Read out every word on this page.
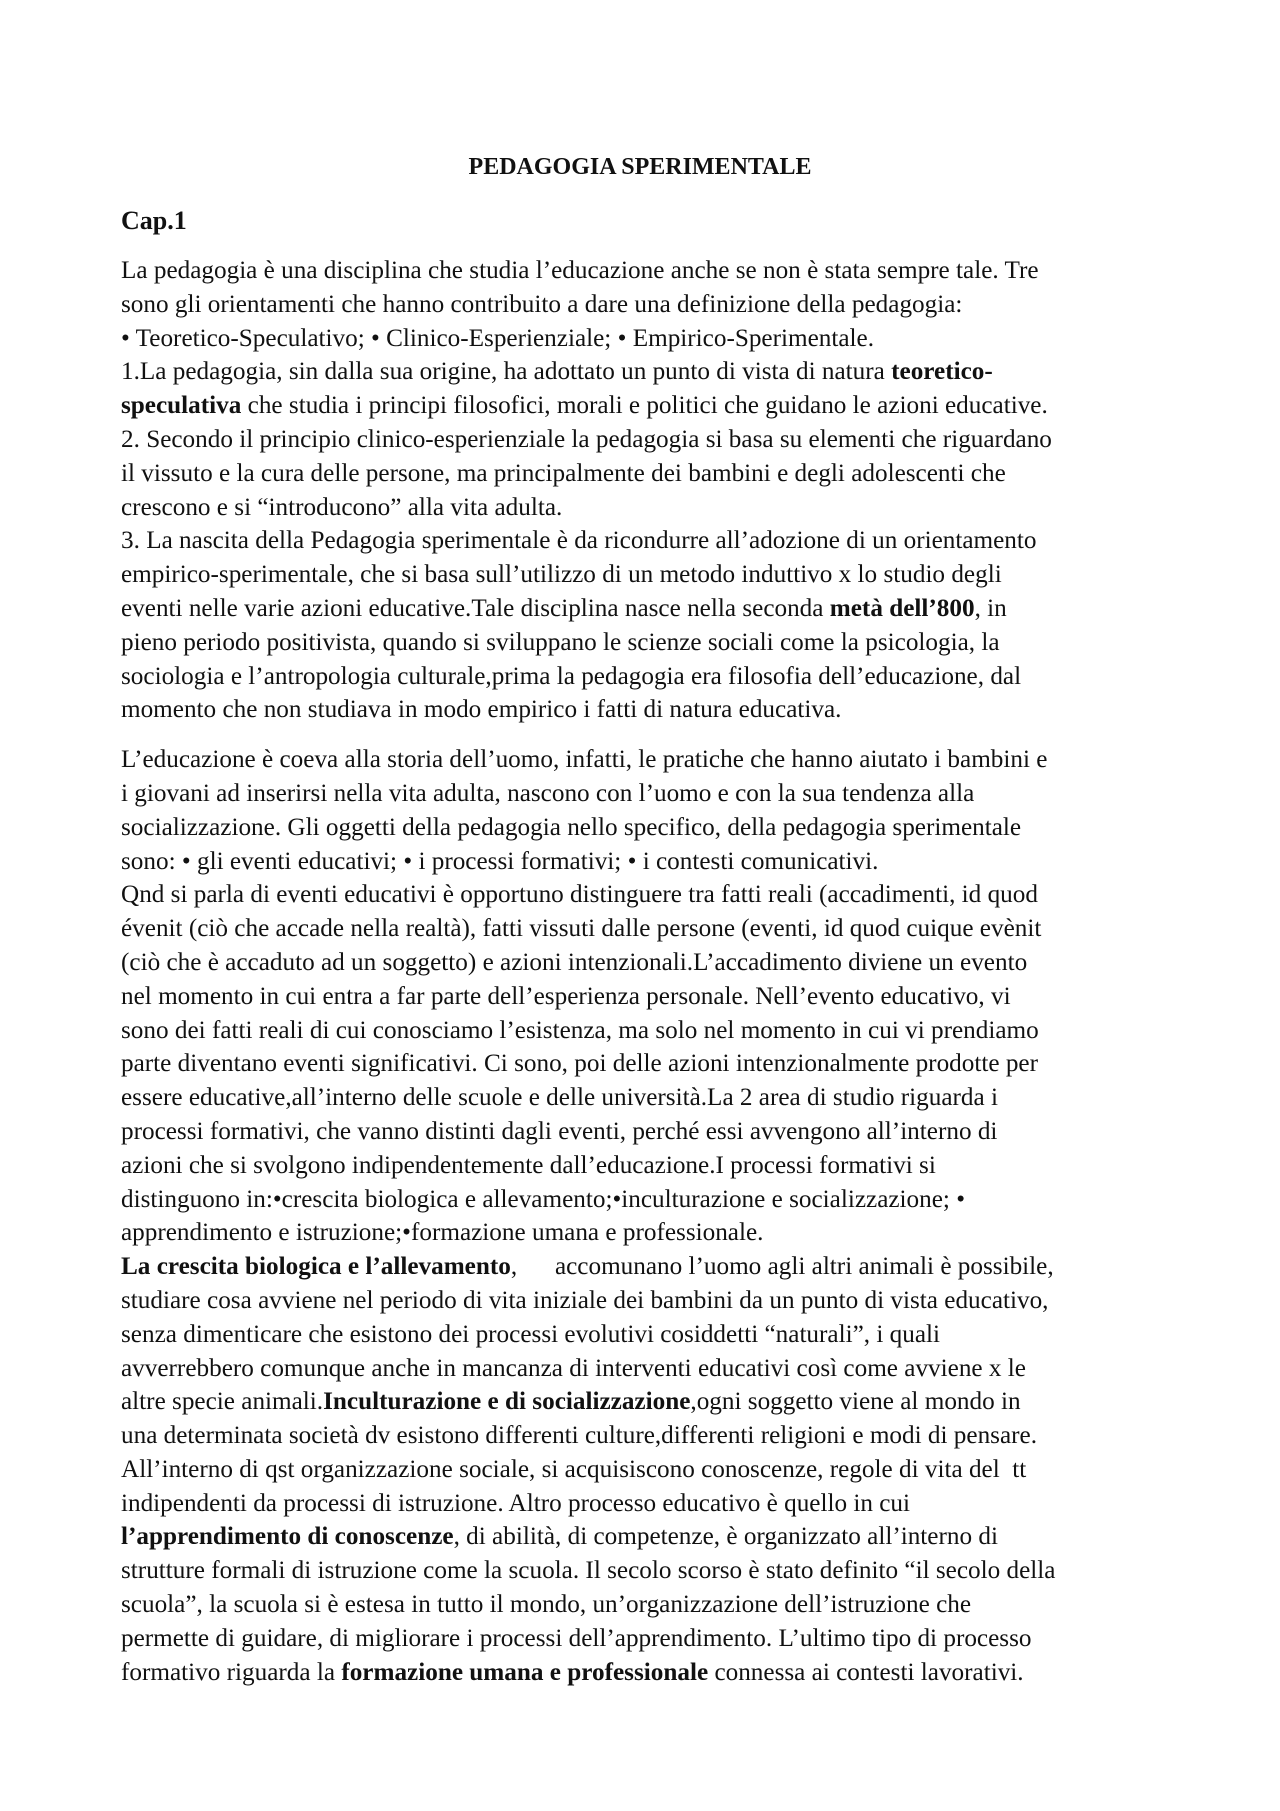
PEDAGOGIA SPERIMENTALE
Cap.1
La pedagogia è una disciplina che studia l’educazione anche se non è stata sempre tale. Tre
sono gli orientamenti che hanno contribuito a dare una definizione della pedagogia:
• Teoretico-Speculativo; • Clinico-Esperienziale; • Empirico-Sperimentale.
1.La pedagogia, sin dalla sua origine, ha adottato un punto di vista di natura teoretico-
speculativa che studia i principi filosofici, morali e politici che guidano le azioni educative.
2. Secondo il principio clinico-esperienziale la pedagogia si basa su elementi che riguardano
il vissuto e la cura delle persone, ma principalmente dei bambini e degli adolescenti che
crescono e si “introducono” alla vita adulta.
3. La nascita della Pedagogia sperimentale è da ricondurre all’adozione di un orientamento
empirico-sperimentale, che si basa sull’utilizzo di un metodo induttivo x lo studio degli
eventi nelle varie azioni educative.Tale disciplina nasce nella seconda metà dell’800, in
pieno periodo positivista, quando si sviluppano le scienze sociali come la psicologia, la
sociologia e l’antropologia culturale,prima la pedagogia era filosofia dell’educazione, dal
momento che non studiava in modo empirico i fatti di natura educativa.
L’educazione è coeva alla storia dell’uomo, infatti, le pratiche che hanno aiutato i bambini e
i giovani ad inserirsi nella vita adulta, nascono con l’uomo e con la sua tendenza alla
socializzazione. Gli oggetti della pedagogia nello specifico, della pedagogia sperimentale
sono: • gli eventi educativi; • i processi formativi; • i contesti comunicativi.
Qnd si parla di eventi educativi è opportuno distinguere tra fatti reali (accadimenti, id quod
évenit (ciò che accade nella realtà), fatti vissuti dalle persone (eventi, id quod cuique evènit
(ciò che è accaduto ad un soggetto) e azioni intenzionali.L’accadimento diviene un evento
nel momento in cui entra a far parte dell’esperienza personale. Nell’evento educativo, vi
sono dei fatti reali di cui conosciamo l’esistenza, ma solo nel momento in cui vi prendiamo
parte diventano eventi significativi. Ci sono, poi delle azioni intenzionalmente prodotte per
essere educative,all’interno delle scuole e delle università.La 2 area di studio riguarda i
processi formativi, che vanno distinti dagli eventi, perché essi avvengono all’interno di
azioni che si svolgono indipendentemente dall’educazione.I processi formativi si
distinguono in:•crescita biologica e allevamento;•inculturazione e socializzazione; •
apprendimento e istruzione;•formazione umana e professionale.
La crescita biologica e l’allevamento,      accomunano l’uomo agli altri animali è possibile,
studiare cosa avviene nel periodo di vita iniziale dei bambini da un punto di vista educativo,
senza dimenticare che esistono dei processi evolutivi cosiddetti “naturali”, i quali
avverrebbero comunque anche in mancanza di interventi educativi così come avviene x le
altre specie animali.Inculturazione e di socializzazione,ogni soggetto viene al mondo in
una determinata società dv esistono differenti culture,differenti religioni e modi di pensare.
All’interno di qst organizzazione sociale, si acquisiscono conoscenze, regole di vita del  tt
indipendenti da processi di istruzione. Altro processo educativo è quello in cui
l’apprendimento di conoscenze, di abilità, di competenze, è organizzato all’interno di
strutture formali di istruzione come la scuola. Il secolo scorso è stato definito “il secolo della
scuola”, la scuola si è estesa in tutto il mondo, un’organizzazione dell’istruzione che
permette di guidare, di migliorare i processi dell’apprendimento. L’ultimo tipo di processo
formativo riguarda la formazione umana e professionale connessa ai contesti lavorativi.
